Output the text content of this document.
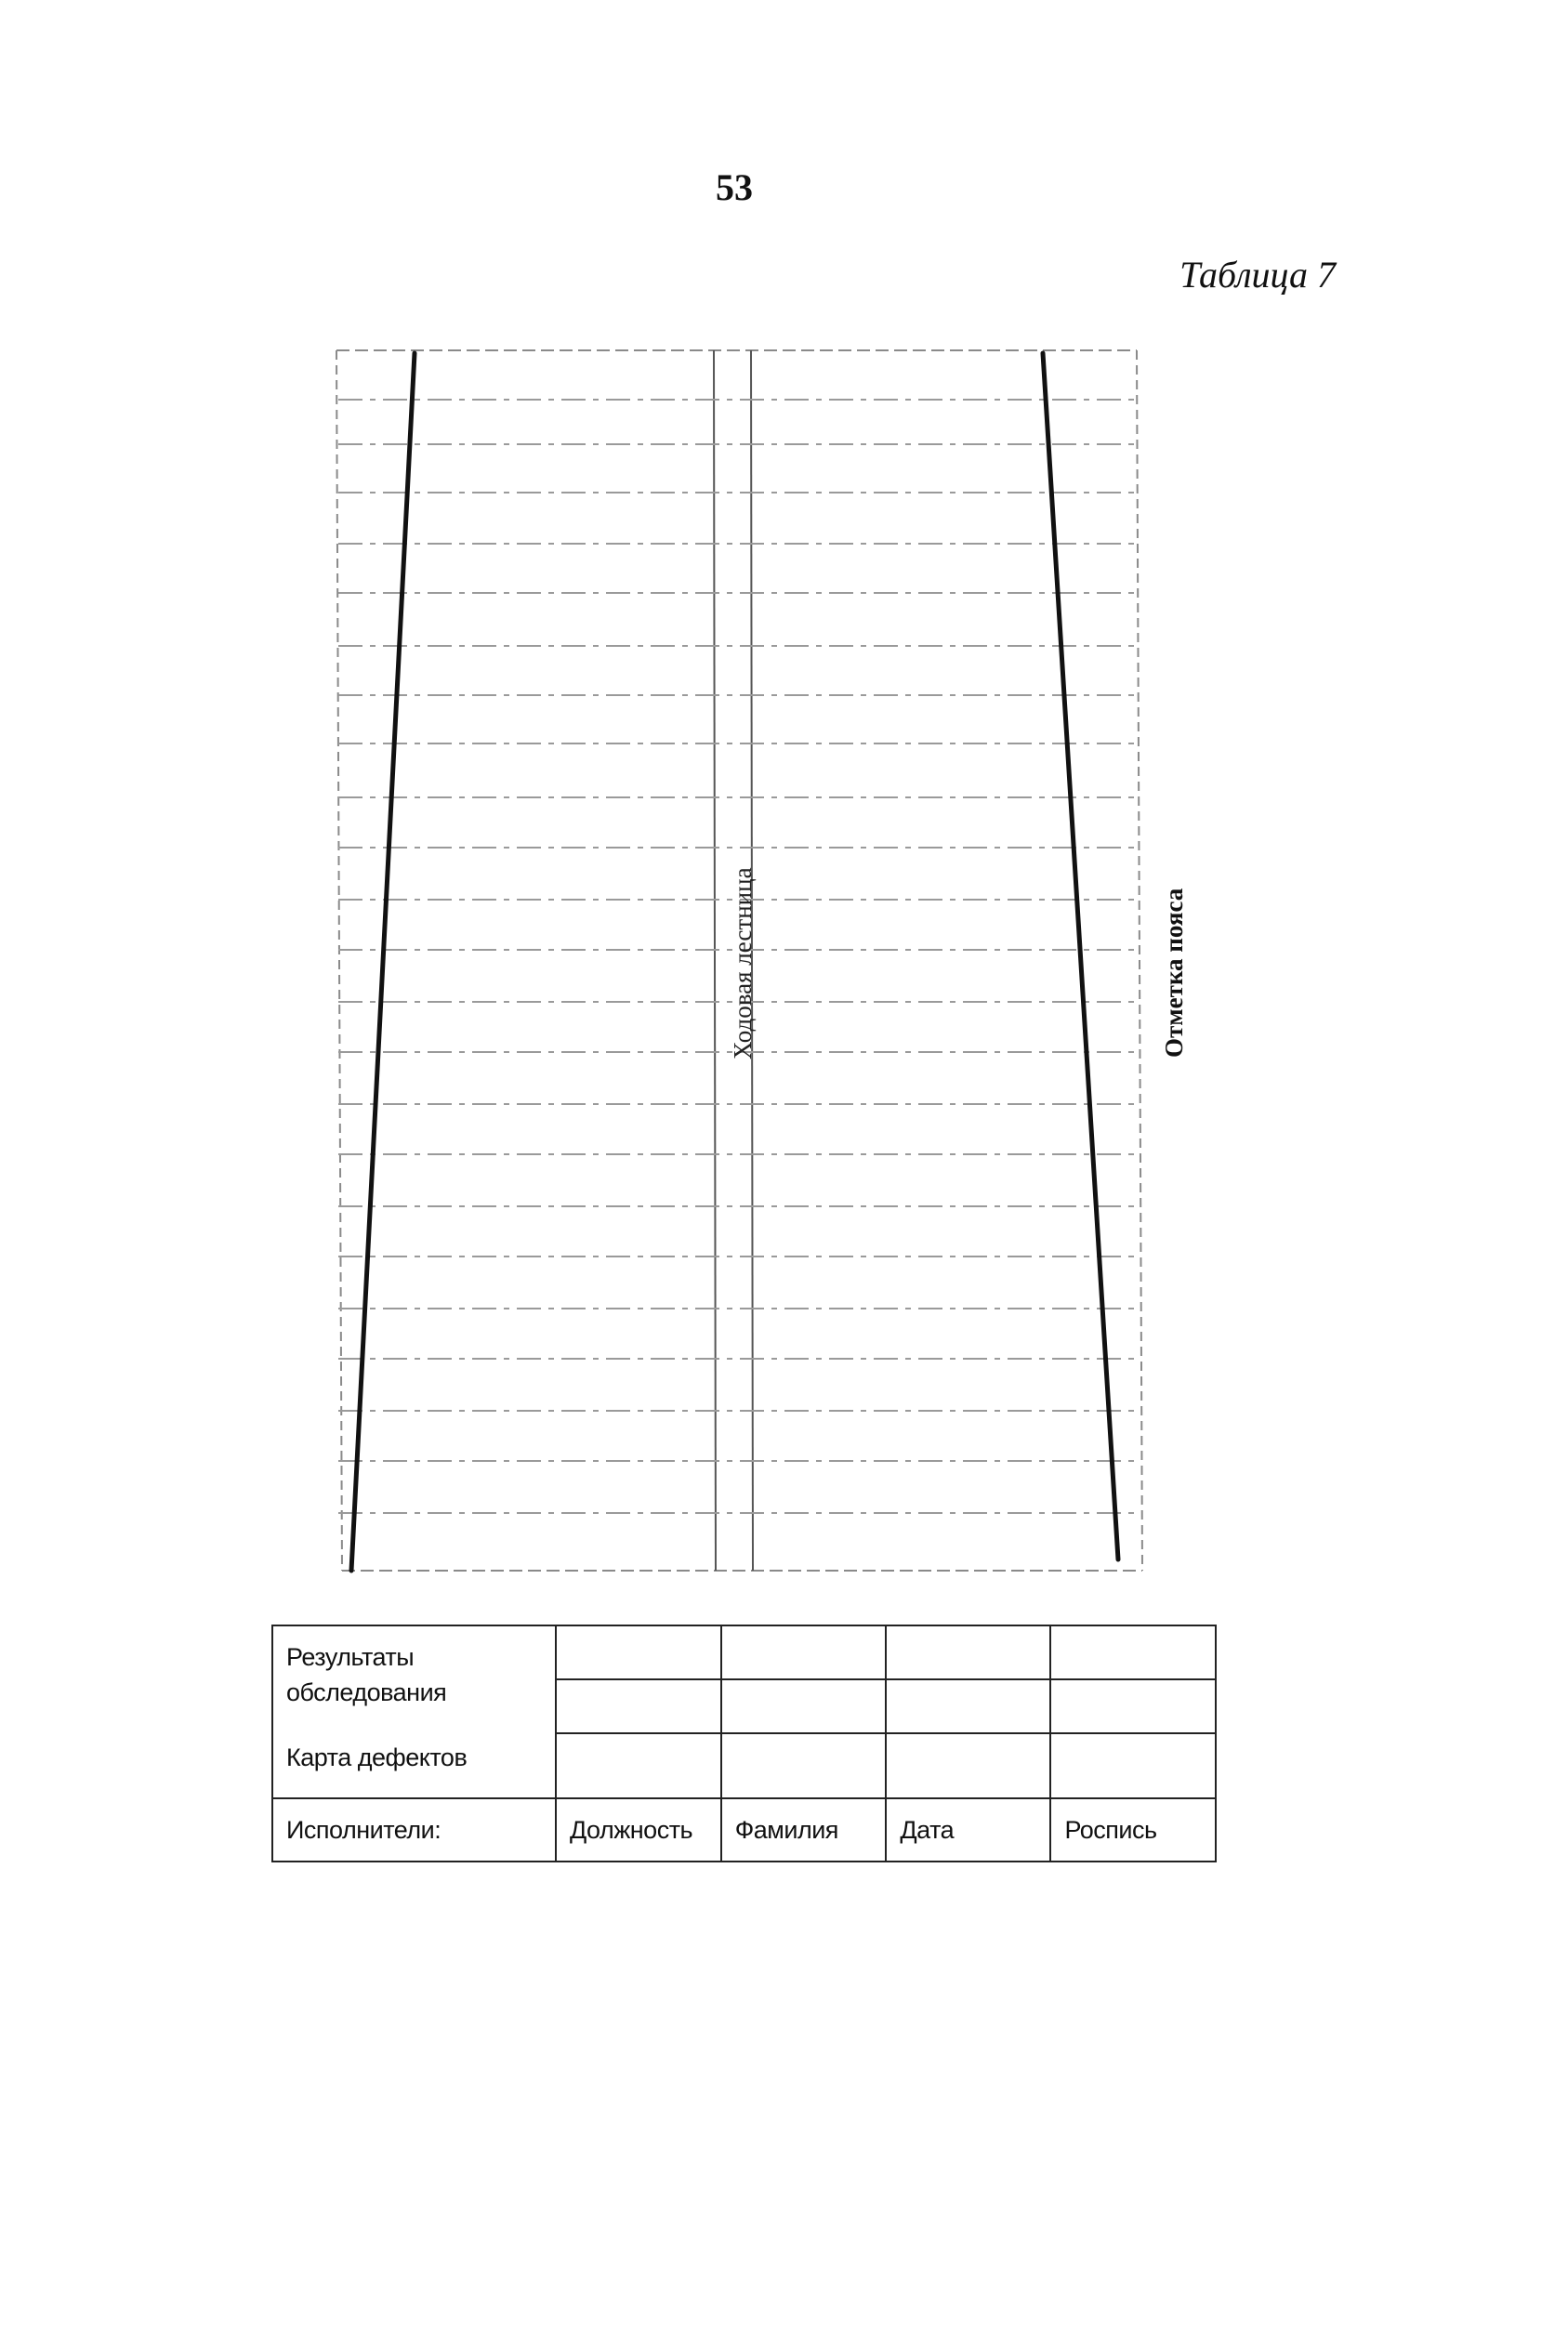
53
Таблица 7
Ходовая лестница	Отметка пояса
Результаты
обследования
Карта дефектов				

Исполнители:	Должность	Фамилия	Дата	Роспись
